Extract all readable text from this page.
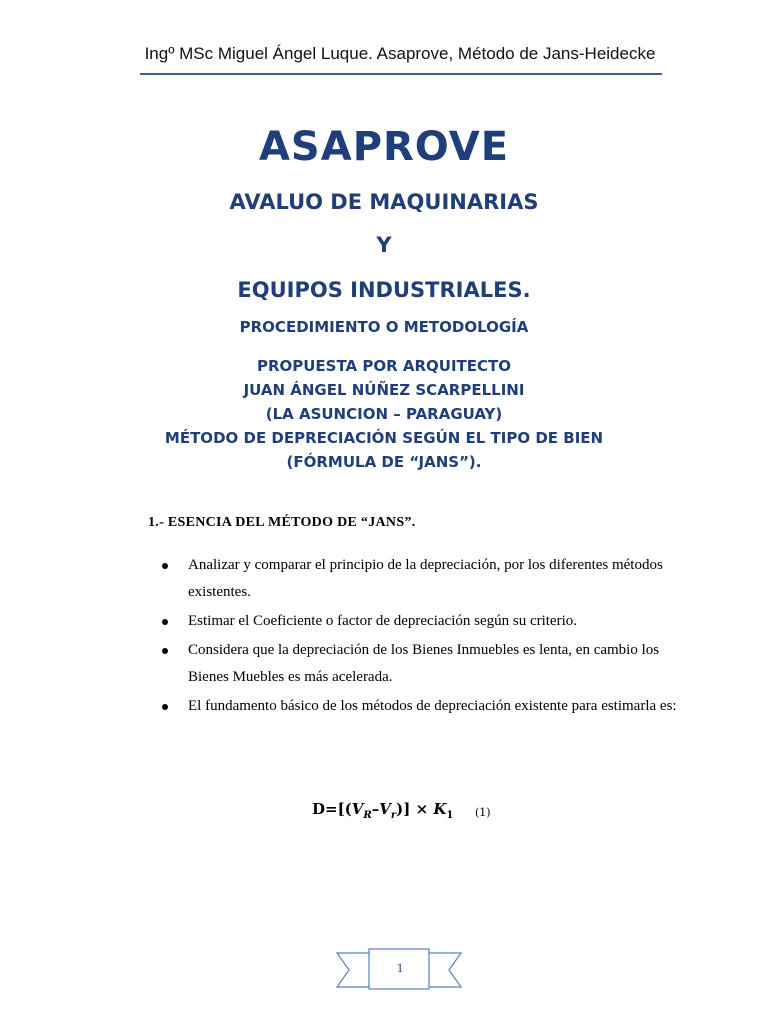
Ingº MSc Miguel Ángel Luque. Asaprove, Método de Jans-Heidecke
ASAPROVE
AVALUO DE MAQUINARIAS
Y
EQUIPOS INDUSTRIALES.
PROCEDIMIENTO O METODOLOGÍA
PROPUESTA POR ARQUITECTO
JUAN ÁNGEL NÚÑEZ SCARPELLINI
(LA ASUNCION – PARAGUAY)
MÉTODO DE DEPRECIACIÓN SEGÚN EL TIPO DE BIEN
(FÓRMULA DE “JANS”).
1.- ESENCIA DEL MÉTODO DE “JANS”.
Analizar y comparar el principio de la depreciación, por los diferentes métodos existentes.
Estimar el Coeficiente o factor de depreciación según su criterio.
Considera que la depreciación de los Bienes Inmuebles es lenta, en cambio los Bienes Muebles es más acelerada.
El fundamento básico de los métodos de depreciación existente para estimarla es:
$D=[(V_R-V_r)] \times K_1$ (1)
1
